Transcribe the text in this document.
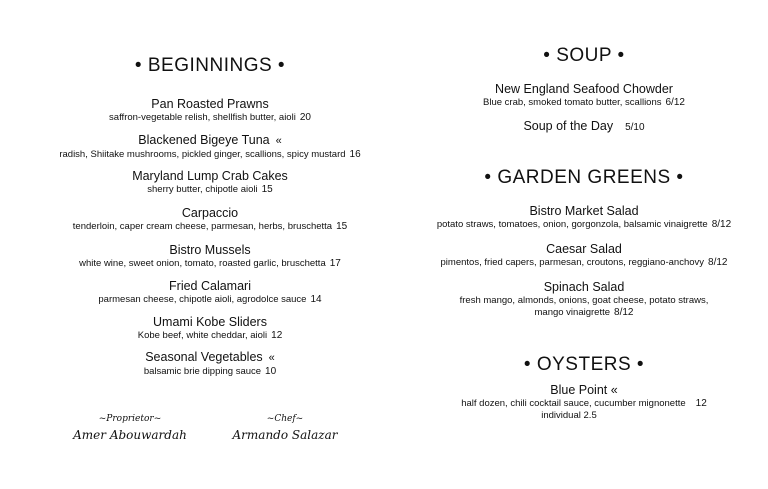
• BEGINNINGS •
Pan Roasted Prawns
saffron-vegetable relish, shellfish butter, aioli 20
Blackened Bigeye Tuna «
radish, Shiitake mushrooms, pickled ginger, scallions, spicy mustard 16
Maryland Lump Crab Cakes
sherry butter, chipotle aioli 15
Carpaccio
tenderloin, caper cream cheese, parmesan, herbs, bruschetta 15
Bistro Mussels
white wine, sweet onion, tomato, roasted garlic, bruschetta 17
Fried Calamari
parmesan cheese, chipotle aioli, agrodolce sauce 14
Umami Kobe Sliders
Kobe beef, white cheddar, aioli 12
Seasonal Vegetables «
balsamic brie dipping sauce 10
~Proprietor~
Amer Abouwardah
~Chef~
Armando Salazar
• SOUP •
New England Seafood Chowder
Blue crab, smoked tomato butter, scallions 6/12
Soup of the Day 5/10
• GARDEN GREENS •
Bistro Market Salad
potato straws, tomatoes, onion, gorgonzola, balsamic vinaigrette 8/12
Caesar Salad
pimentos, fried capers, parmesan, croutons, reggiano-anchovy 8/12
Spinach Salad
fresh mango, almonds, onions, goat cheese, potato straws,
mango vinaigrette 8/12
• OYSTERS •
Blue Point «
half dozen, chili cocktail sauce, cucumber mignonette 12
individual 2.5
